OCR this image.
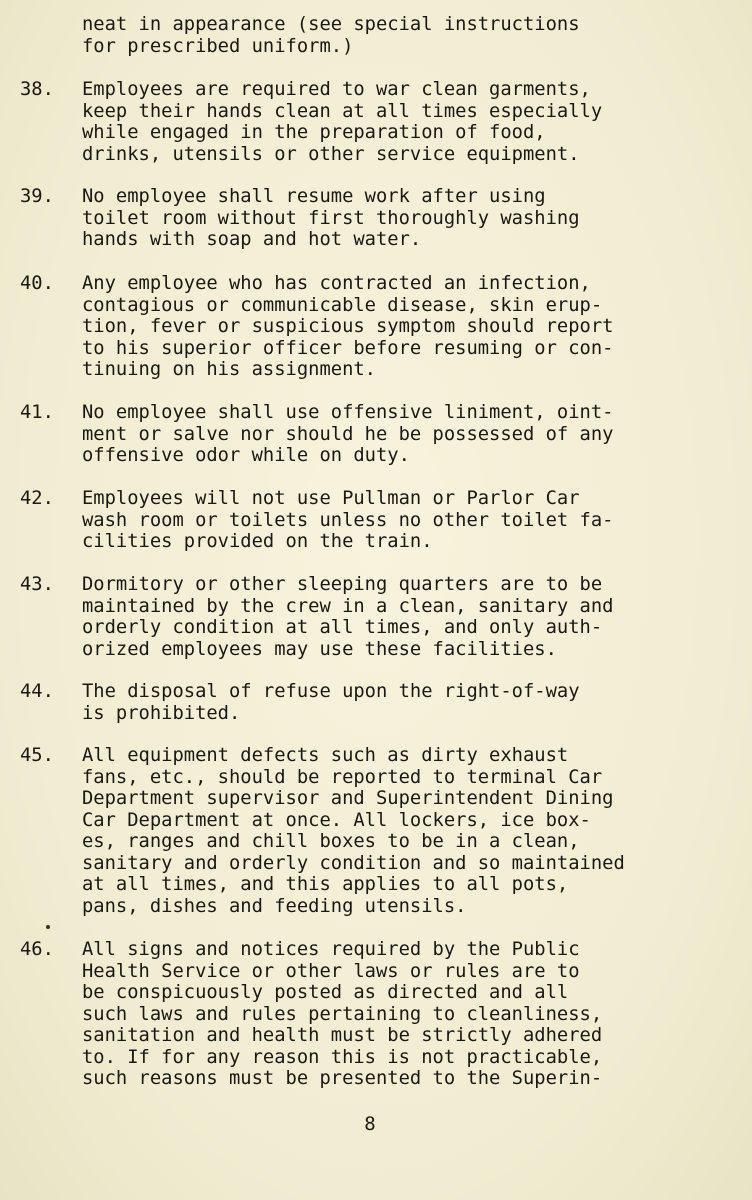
neat in appearance (see special instructions
for prescribed uniform.)
38.	Employees are required to war clean garments,
keep their hands clean at all times especially
while engaged in the preparation of food,
drinks, utensils or other service equipment.
39.	No employee shall resume work after using
toilet room without first thoroughly washing
hands with soap and hot water.
40.	Any employee who has contracted an infection,
contagious or communicable disease, skin erup-
tion, fever or suspicious symptom should report
to his superior officer before resuming or con-
tinuing on his assignment.
41.	No employee shall use offensive liniment, oint-
ment or salve nor should he be possessed of any
offensive odor while on duty.
42.	Employees will not use Pullman or Parlor Car
wash room or toilets unless no other toilet fa-
cilities provided on the train.
43.	Dormitory or other sleeping quarters are to be
maintained by the crew in a clean, sanitary and
orderly condition at all times, and only auth-
orized employees may use these facilities.
44.	The disposal of refuse upon the right-of-way
is prohibited.
45.	All equipment defects such as dirty exhaust
fans, etc., should be reported to terminal Car
Department supervisor and Superintendent Dining
Car Department at once. All lockers, ice box-
es, ranges and chill boxes to be in a clean,
sanitary and orderly condition and so maintained
at all times, and this applies to all pots,
pans, dishes and feeding utensils.
46.	All signs and notices required by the Public
Health Service or other laws or rules are to
be conspicuously posted as directed and all
such laws and rules pertaining to cleanliness,
sanitation and health must be strictly adhered
to. If for any reason this is not practicable,
such reasons must be presented to the Superin-
8
